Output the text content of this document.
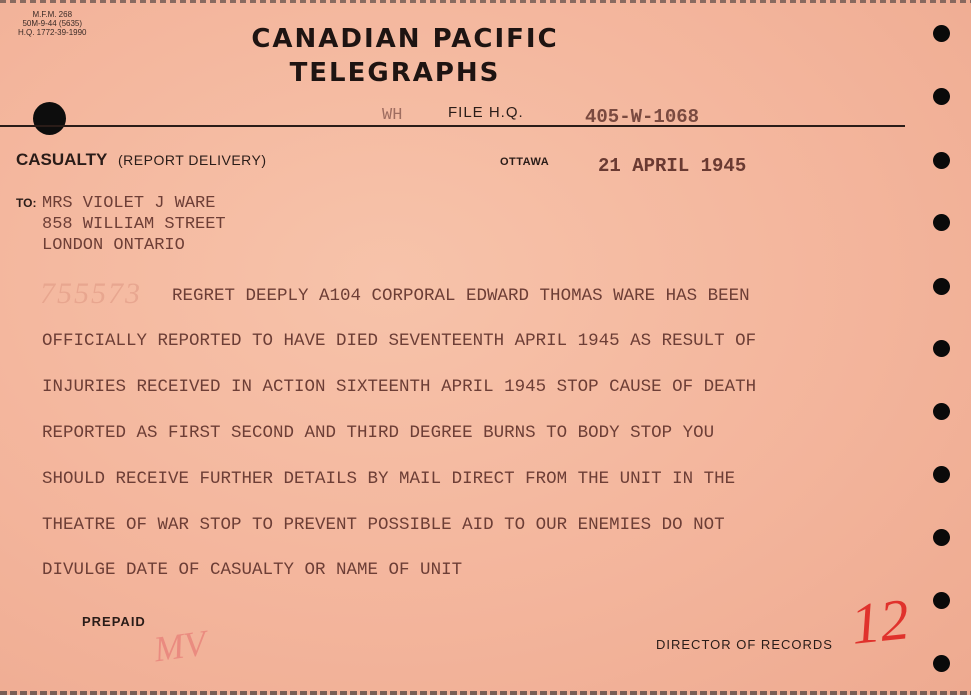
M.F.M. 268
50M-9-44 (5635)
H.Q. 1772-39-1990	CANADIAN PACIFIC
TELEGRAPHS
WH	FILE H.Q.	405-W-1068
CASUALTY (REPORT DELIVERY)	OTTAWA	21 APRIL 1945
TO: MRS VIOLET J WARE
858 WILLIAM STREET
LONDON ONTARIO
755573 REGRET DEEPLY A104 CORPORAL EDWARD THOMAS WARE HAS BEEN
OFFICIALLY REPORTED TO HAVE DIED SEVENTEENTH APRIL 1945 AS RESULT OF
INJURIES RECEIVED IN ACTION SIXTEENTH APRIL 1945 STOP CAUSE OF DEATH
REPORTED AS FIRST SECOND AND THIRD DEGREE BURNS TO BODY STOP YOU
SHOULD RECEIVE FURTHER DETAILS BY MAIL DIRECT FROM THE UNIT IN THE
THEATRE OF WAR STOP TO PREVENT POSSIBLE AID TO OUR ENEMIES DO NOT
DIVULGE DATE OF CASUALTY OR NAME OF UNIT
PREPAID
MV	DIRECTOR OF RECORDS 12
